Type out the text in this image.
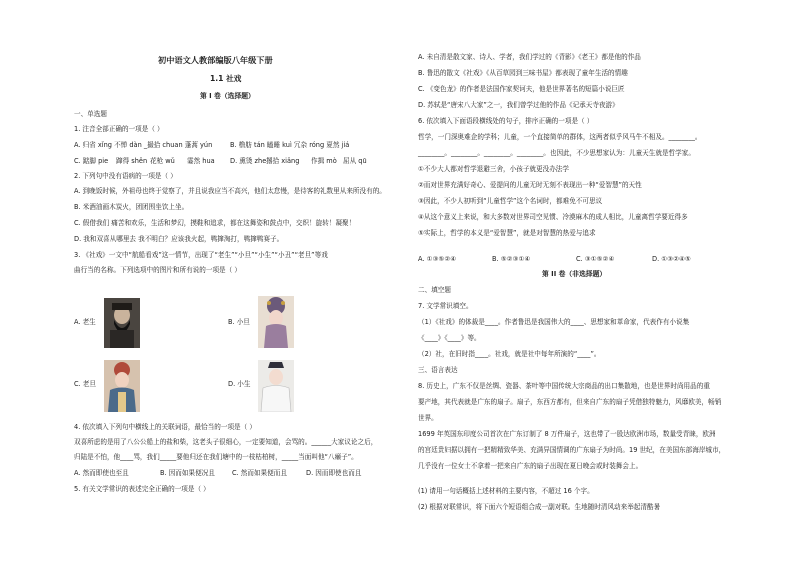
初中语文人教部编版八年级下册
1.1 社戏
第 I 卷（选择题）
一、单选题
1. 注音全部正确的一项是（ ）
A. 归省 xǐng 不惮 dàn _撮拾 chuan 蓬蒿 yún	B. 橹舫 tán 瞌睡 kuì 冗杂 róng 夏然 jiá
C. 踮脚 pie 蹿得 shěn 花枪 wǔ 霎然 hua D. 熏烫 zhe 撂拾 xiǎng 作揖 mò 屈从 qū
2. 下列句中没有语病的一项是（ ）
A. 到晚饭时候，外祖母也终于觉察了，并且说我应当不高兴，他们太怠慢，是待客的礼数里从来所没有的。
B. 米酒油画木炭火，团团围坐饮上坐。
C. 假借我们 痛苦和欢乐，生活和梦幻，摸鞋和追求，都在这舞姿和鼓点中，交织！旋转！凝聚！
D. 我和双喜从哪里去 我不明白？应该我火起，鸭撺淘打，鸭撺鸭赛子。
3. 《社戏》一文中“航船看戏”这一情节，出现了“老生”“小旦”“小生”“小丑”“老旦”等戏
曲行当的名称。下列选项中的图片和所有说的一项是（ ）
A. 老生	B. 小旦
C. 老旦	D. 小生
4. 依次填入下列句中横线上的关联词语，最恰当的一项是（ ）
双喜所虑的是用了八公公船上的盐和柴，这老头子很细心，一定要知道，会骂的。______大家议论之后，
归陆是不怕，他____骂，我们_____要他归还在我们塘中的一枝枯柏树，_____当面叫他“八癞子”。
A. 然而即使也至且	B. 因而如果便况且	C. 然而如果便而且	D. 因而即使也而且
5. 有关文学常识的表述完全正确的一项是（ ）
A. 未自清是散文家、诗人、学者，我们学过的《背影》《老王》都是他的作品
B. 鲁迅的散文《社戏》《从百草园到三味书屋》都表现了童年生活的情趣
C. 《变色龙》的作者是法国作家契诃夫，他是世界著名的短篇小说巨匠
D. 苏轼是“唐宋八大家”之一，我们曾学过他的作品《记承天寺夜游》
6. 依次填入下面语段横线处的句子，排序正确的一项是（ ）
哲学，一门深奥难企的学科；儿童，一个直接简单的群体，这两者似乎风马牛不相及。________。
________。________。________。________。也因此，不少思想家认为：儿童天生就是哲学家。
①不少大人都对哲学退避三舍，小孩子就更没办法学
②而对世界充满好奇心、爱提问的儿童无时无刻不表现出一种“爱智慧”的天性
③因此，不少人初听到“儿童哲学”这个名词时，都难免不可思议
④从这个意义上来说，和大多数对世界司空见惯、冷漠麻木的成人相比，儿童离哲学要近得多
⑤实际上，哲学的本义是“爱智慧”，就是对智慧的热爱与追求
A. ①③⑤②④	B. ⑤②③①④	C. ③①⑤②④	D. ①③②④⑤
第 II 卷（非选择题）
二、填空题
7. 文学常识填空。
（1）《社戏》的体裁是____。作者鲁迅是我国伟大的____、思想家和革命家，代表作有小说集
《____》《____》等。
（2）社，在旧时指____。社戏，就是社中每年所演的“____”。
三、语言表达
8. 历史上，广东不仅是丝绸、瓷器、茶叶等中国传统大宗商品的出口集散地，也是世界时尚用品的重
要产地，其代表就是广东的扇子。扇子，东西方都有，但来自广东的扇子凭借独特魅力，风靡欧美，畅销
世界。
1699 年英国东印度公司首次在广东订制了 8 万件扇子，这也带了一股达欧洲市场，数量受青睐，欧洲
的宫廷贵妇据以拥有一把精精致华美、充满异国情调的广东扇子为时尚。19 世纪，在美国东部海岸城市，
几乎没有一位女士不拿着一把来自广东的扇子出现在夏日晚会或时装舞会上。
(1) 请用一句话概括上述材料的主要内容，不超过 16 个字。
(2) 根据对联常识，将下面六个短语组合成一副对联。生地随时清风动来举起清酷暑
